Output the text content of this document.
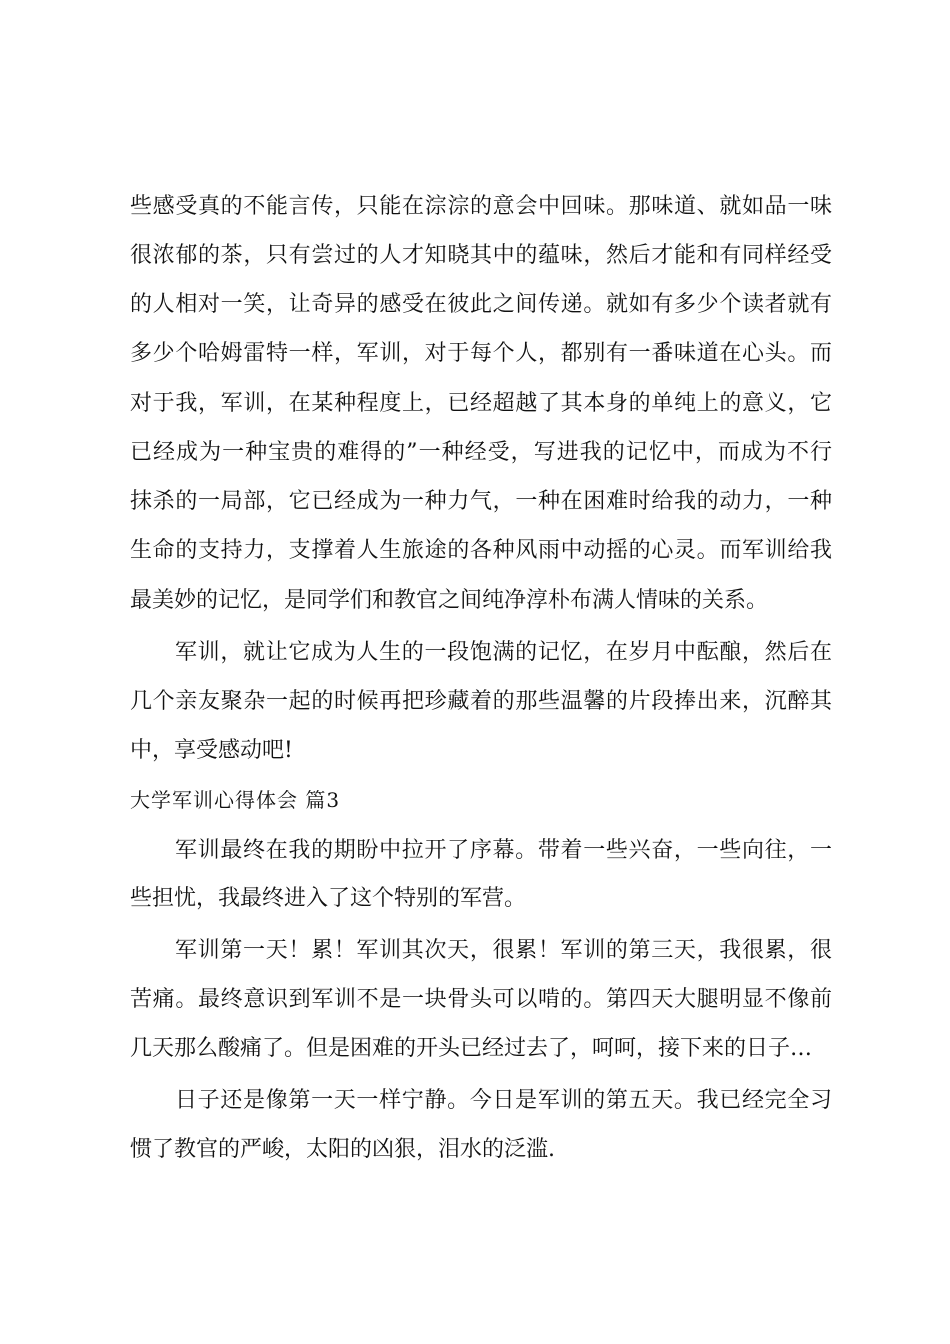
些感受真的不能言传，只能在淙淙的意会中回味。那味道、就如品一味
很浓郁的茶，只有尝过的人才知晓其中的蕴味，然后才能和有同样经受
的人相对一笑，让奇异的感受在彼此之间传递。就如有多少个读者就有
多少个哈姆雷特一样，军训，对于每个人，都别有一番味道在心头。而
对于我，军训，在某种程度上，已经超越了其本身的单纯上的意义，它
已经成为一种宝贵的难得的”一种经受，写进我的记忆中，而成为不行
抹杀的一局部，它已经成为一种力气，一种在困难时给我的动力，一种
生命的支持力，支撑着人生旅途的各种风雨中动摇的心灵。而军训给我
最美妙的记忆，是同学们和教官之间纯净淳朴布满人情味的关系。
军训，就让它成为人生的一段饱满的记忆，在岁月中酝酿，然后在
几个亲友聚杂一起的时候再把珍藏着的那些温馨的片段捧出来，沉醉其
中，享受感动吧!
大学军训心得体会 篇3
军训最终在我的期盼中拉开了序幕。带着一些兴奋，一些向往，一
些担忧，我最终进入了这个特别的军营。
军训第一天！累！军训其次天，很累！军训的第三天，我很累，很
苦痛。最终意识到军训不是一块骨头可以啃的。第四天大腿明显不像前
几天那么酸痛了。但是困难的开头已经过去了，呵呵，接下来的日子…
日子还是像第一天一样宁静。今日是军训的第五天。我已经完全习
惯了教官的严峻，太阳的凶狠，泪水的泛滥.
